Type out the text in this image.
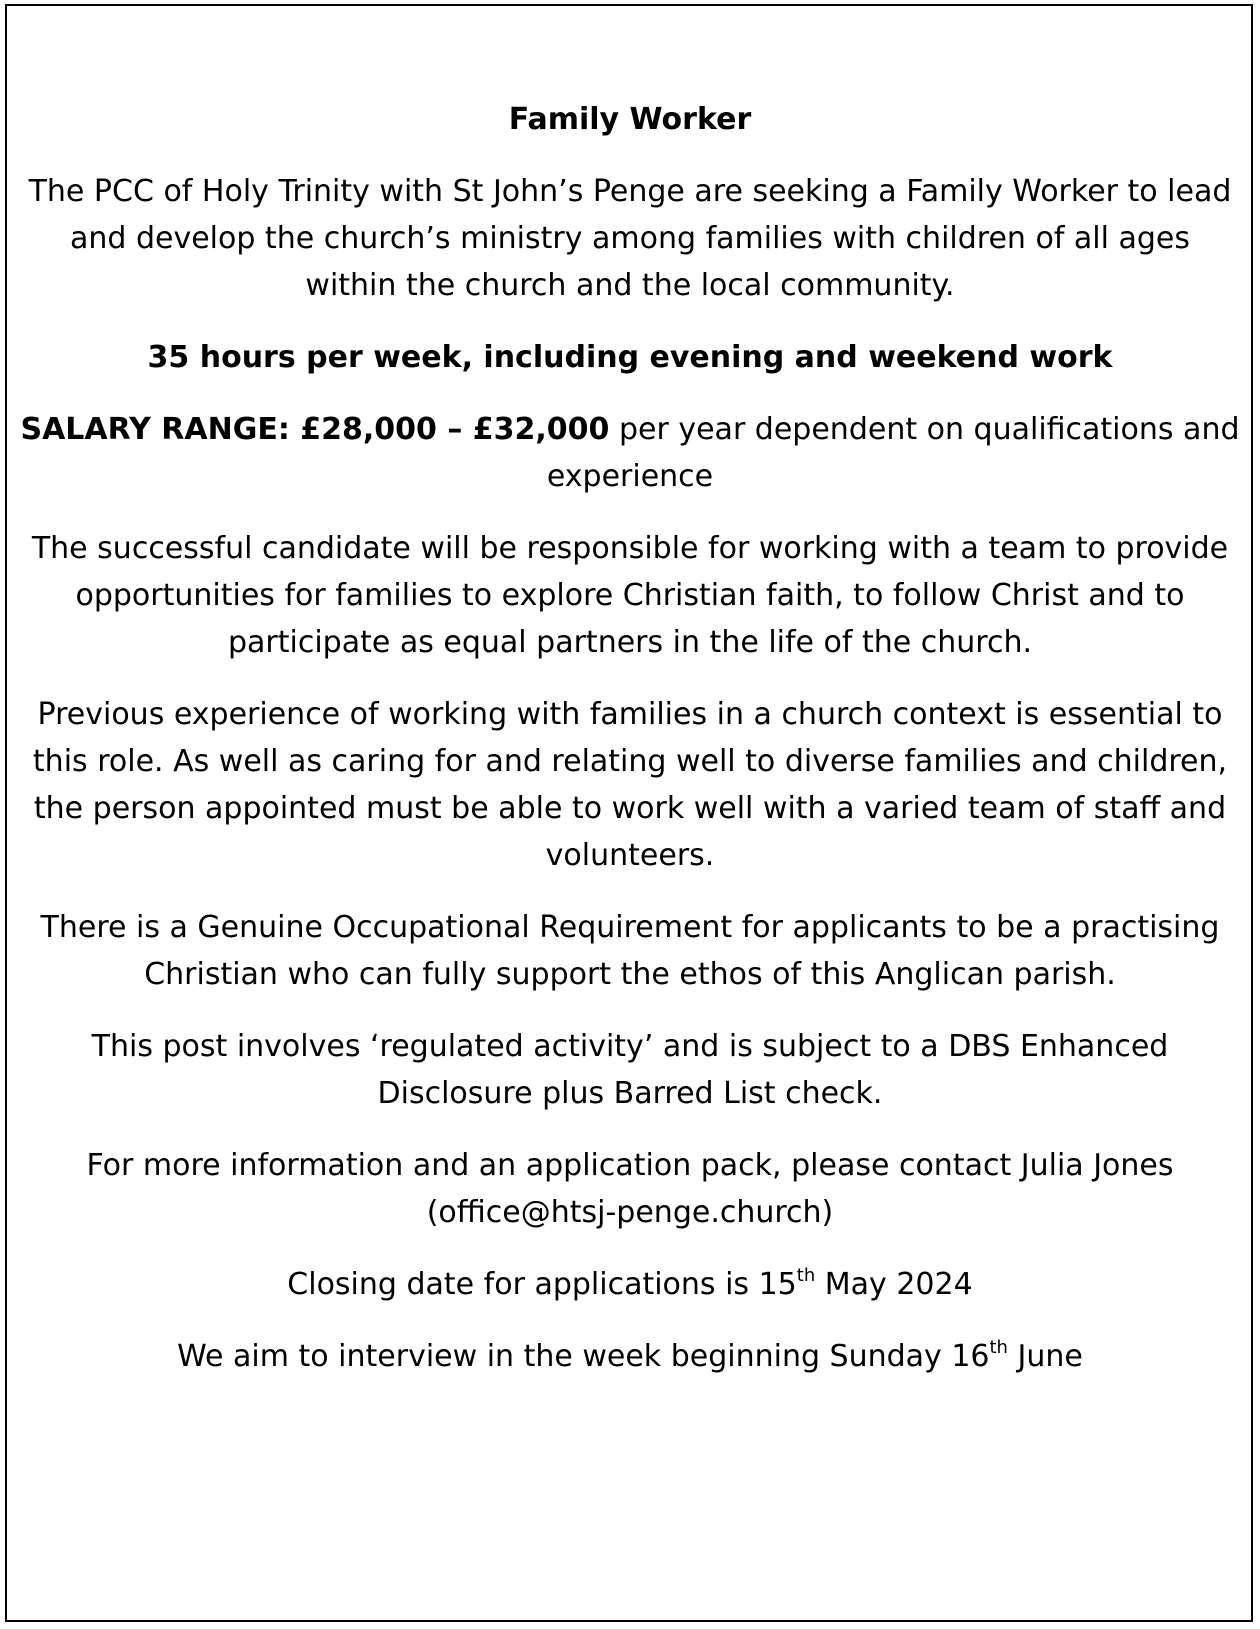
Family Worker

The PCC of Holy Trinity with St John’s Penge are seeking a Family Worker to lead and develop the church’s ministry among families with children of all ages within the church and the local community.

35 hours per week, including evening and weekend work

SALARY RANGE: £28,000 – £32,000 per year dependent on qualifications and experience

The successful candidate will be responsible for working with a team to provide opportunities for families to explore Christian faith, to follow Christ and to participate as equal partners in the life of the church.

Previous experience of working with families in a church context is essential to this role. As well as caring for and relating well to diverse families and children, the person appointed must be able to work well with a varied team of staff and volunteers.

There is a Genuine Occupational Requirement for applicants to be a practising Christian who can fully support the ethos of this Anglican parish.

This post involves ‘regulated activity’ and is subject to a DBS Enhanced Disclosure plus Barred List check.

For more information and an application pack, please contact Julia Jones (office@htsj-penge.church)

Closing date for applications is 15th May 2024

We aim to interview in the week beginning Sunday 16th June
